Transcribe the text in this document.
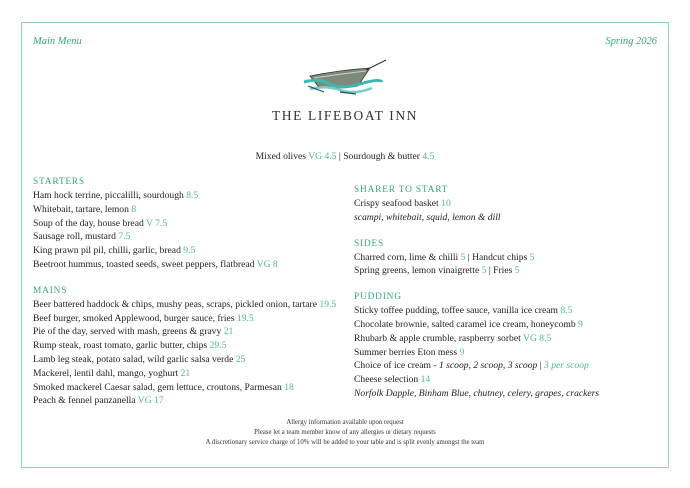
Main Menu	Spring 2026
THE LIFEBOAT INN
Mixed olives VG 4.5 | Sourdough & butter 4.5
STARTERS
Ham hock terrine, piccalilli, sourdough 8.5
Whitebait, tartare, lemon 8
Soup of the day, house bread V 7.5
Sausage roll, mustard 7.5
King prawn pil pil, chilli, garlic, bread 9.5
Beetroot hummus, toasted seeds, sweet peppers, flatbread VG 8
MAINS
Beer battered haddock & chips, mushy peas, scraps, pickled onion, tartare 19.5
Beef burger, smoked Applewood, burger sauce, fries 19.5
Pie of the day, served with mash, greens & gravy 21
Rump steak, roast tomato, garlic butter, chips 29.5
Lamb leg steak, potato salad, wild garlic salsa verde 25
Mackerel, lentil dahl, mango, yoghurt 21
Smoked mackerel Caesar salad, gem lettuce, croutons, Parmesan 18
Peach & fennel panzanella VG 17
SHARER TO START
Crispy seafood basket 10
scampi, whitebait, squid, lemon & dill
SIDES
Charred corn, lime & chilli 5 | Handcut chips 5
Spring greens, lemon vinaigrette 5 | Fries 5
PUDDING
Sticky toffee pudding, toffee sauce, vanilla ice cream 8.5
Chocolate brownie, salted caramel ice cream, honeycomb 9
Rhubarb & apple crumble, raspberry sorbet VG 8.5
Summer berries Eton mess 9
Choice of ice cream - 1 scoop, 2 scoop, 3 scoop | 3 per scoop
Cheese selection 14
Norfolk Dapple, Binham Blue, chutney, celery, grapes, crackers
Allergy information available upon request
Please let a team member know of any allergies or dietary requests
A discretionary service charge of 10% will be added to your table and is split evenly amongst the team
